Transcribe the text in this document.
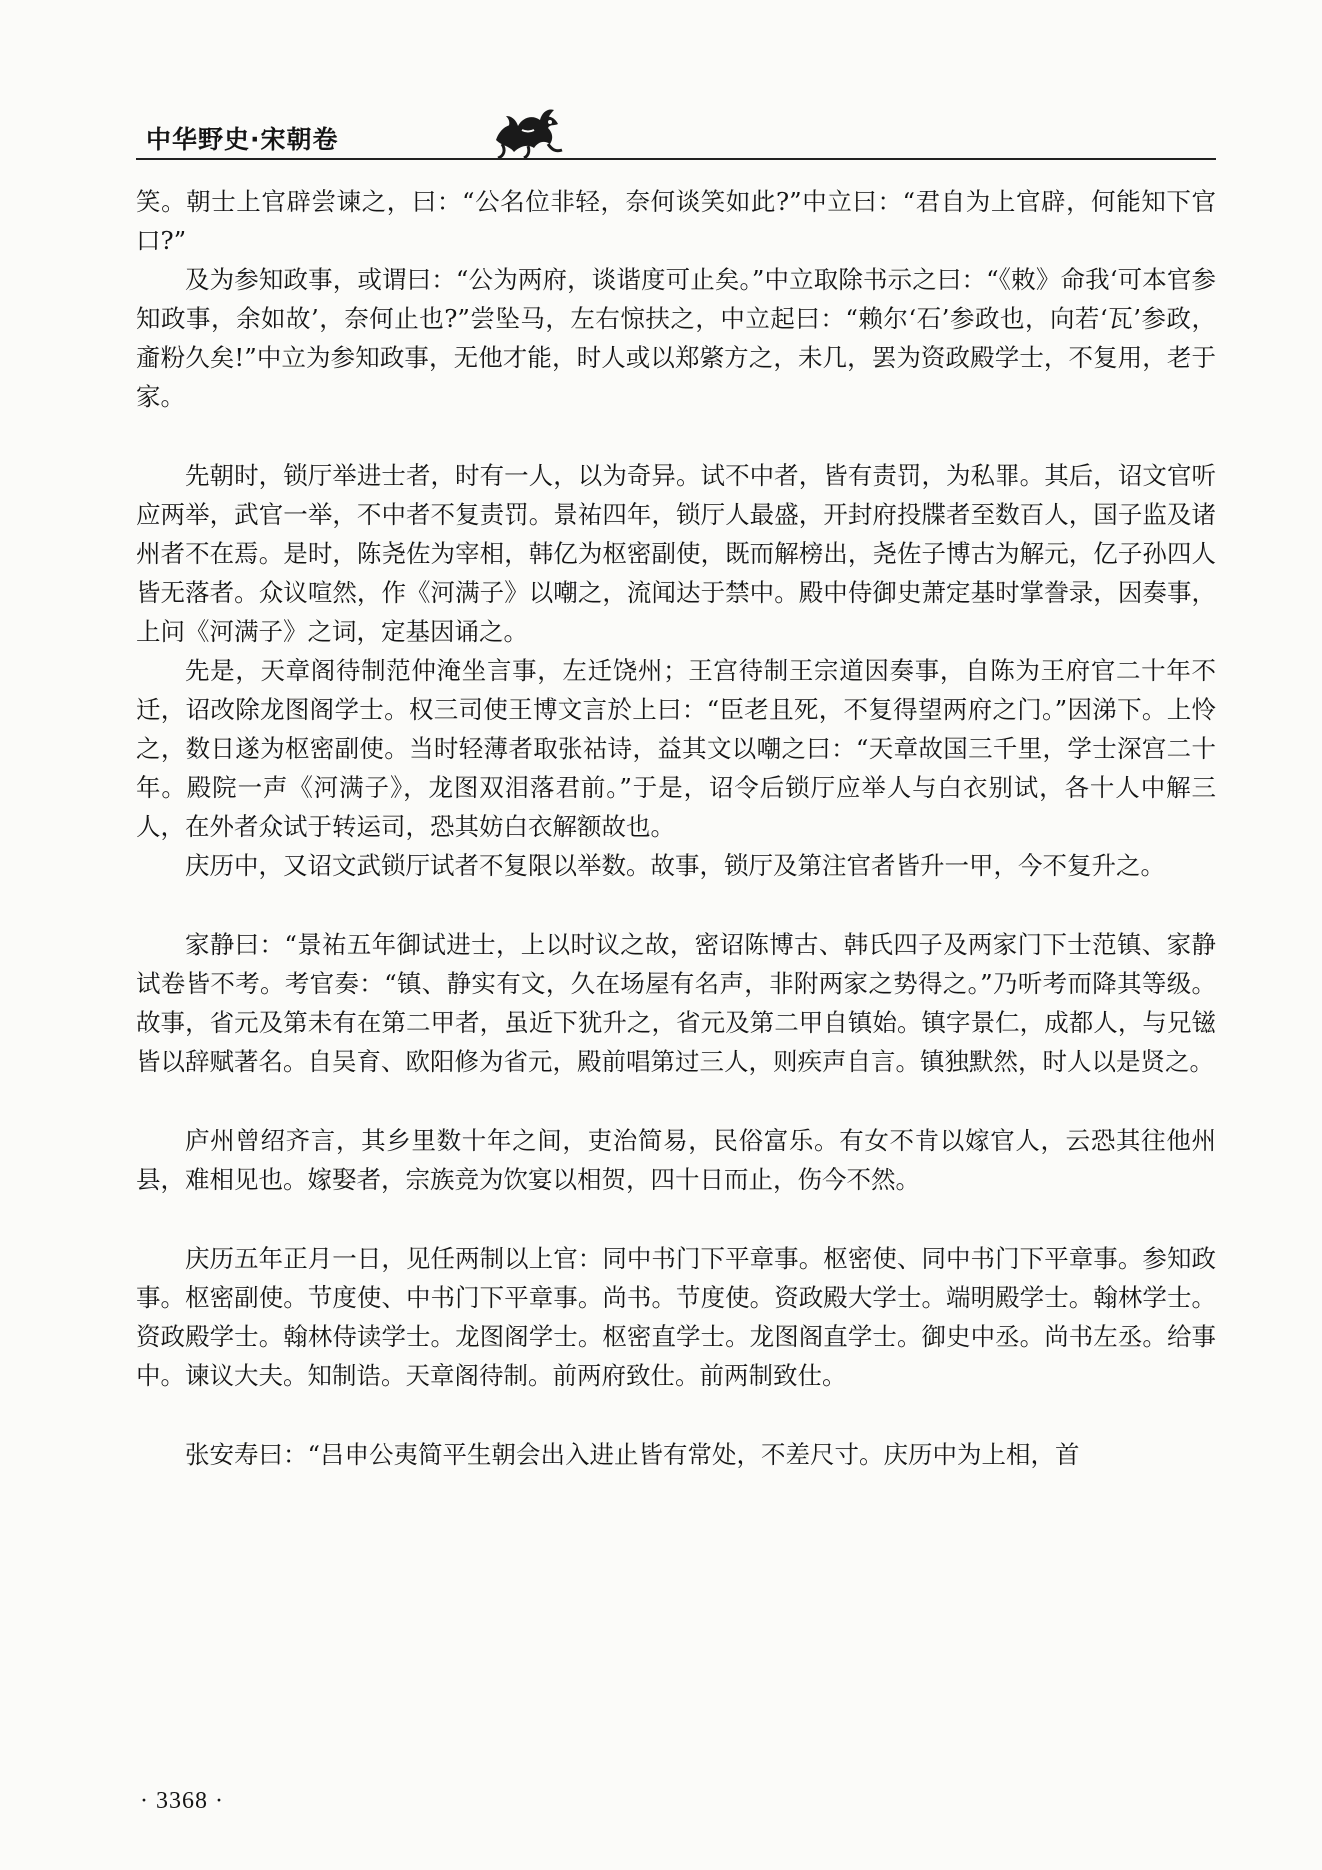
中华野史·宋朝卷

笑。朝士上官辟尝谏之，曰：“公名位非轻，奈何谈笑如此?”中立曰：“君自为上官辟，何能知下官口?”

及为参知政事，或谓曰：“公为两府，谈谐度可止矣。”中立取除书示之曰：“《敕》命我‘可本官参知政事，余如故’，奈何止也?”尝坠马，左右惊扶之，中立起曰：“赖尔‘石’参政也，向若‘瓦’参政，齑粉久矣!”中立为参知政事，无他才能，时人或以郑綮方之，未几，罢为资政殿学士，不复用，老于家。

先朝时，锁厅举进士者，时有一人，以为奇异。试不中者，皆有责罚，为私罪。其后，诏文官听应两举，武官一举，不中者不复责罚。景祐四年，锁厅人最盛，开封府投牒者至数百人，国子监及诸州者不在焉。是时，陈尧佐为宰相，韩亿为枢密副使，既而解榜出，尧佐子博古为解元，亿子孙四人皆无落者。众议喧然，作《河满子》以嘲之，流闻达于禁中。殿中侍御史萧定基时掌誊录，因奏事，上问《河满子》之词，定基因诵之。

先是，天章阁待制范仲淹坐言事，左迁饶州；王宫待制王宗道因奏事，自陈为王府官二十年不迁，诏改除龙图阁学士。权三司使王博文言於上曰：“臣老且死，不复得望两府之门。”因涕下。上怜之，数日遂为枢密副使。当时轻薄者取张祜诗，益其文以嘲之曰：“天章故国三千里，学士深宫二十年。殿院一声《河满子》，龙图双泪落君前。”于是，诏令后锁厅应举人与白衣别试，各十人中解三人，在外者众试于转运司，恐其妨白衣解额故也。

庆历中，又诏文武锁厅试者不复限以举数。故事，锁厅及第注官者皆升一甲，今不复升之。

家静曰：“景祐五年御试进士，上以时议之故，密诏陈博古、韩氏四子及两家门下士范镇、家静试卷皆不考。考官奏：“镇、静实有文，久在场屋有名声，非附两家之势得之。”乃听考而降其等级。故事，省元及第未有在第二甲者，虽近下犹升之，省元及第二甲自镇始。镇字景仁，成都人，与兄镃皆以辞赋著名。自吴育、欧阳修为省元，殿前唱第过三人，则疾声自言。镇独默然，时人以是贤之。

庐州曾绍齐言，其乡里数十年之间，吏治简易，民俗富乐。有女不肯以嫁官人，云恐其往他州县，难相见也。嫁娶者，宗族竞为饮宴以相贺，四十日而止，伤今不然。

庆历五年正月一日，见任两制以上官：同中书门下平章事。枢密使、同中书门下平章事。参知政事。枢密副使。节度使、中书门下平章事。尚书。节度使。资政殿大学士。端明殿学士。翰林学士。资政殿学士。翰林侍读学士。龙图阁学士。枢密直学士。龙图阁直学士。御史中丞。尚书左丞。给事中。谏议大夫。知制诰。天章阁待制。前两府致仕。前两制致仕。

张安寿曰：“吕申公夷简平生朝会出入进止皆有常处，不差尺寸。庆历中为上相，首

· 3368 ·
